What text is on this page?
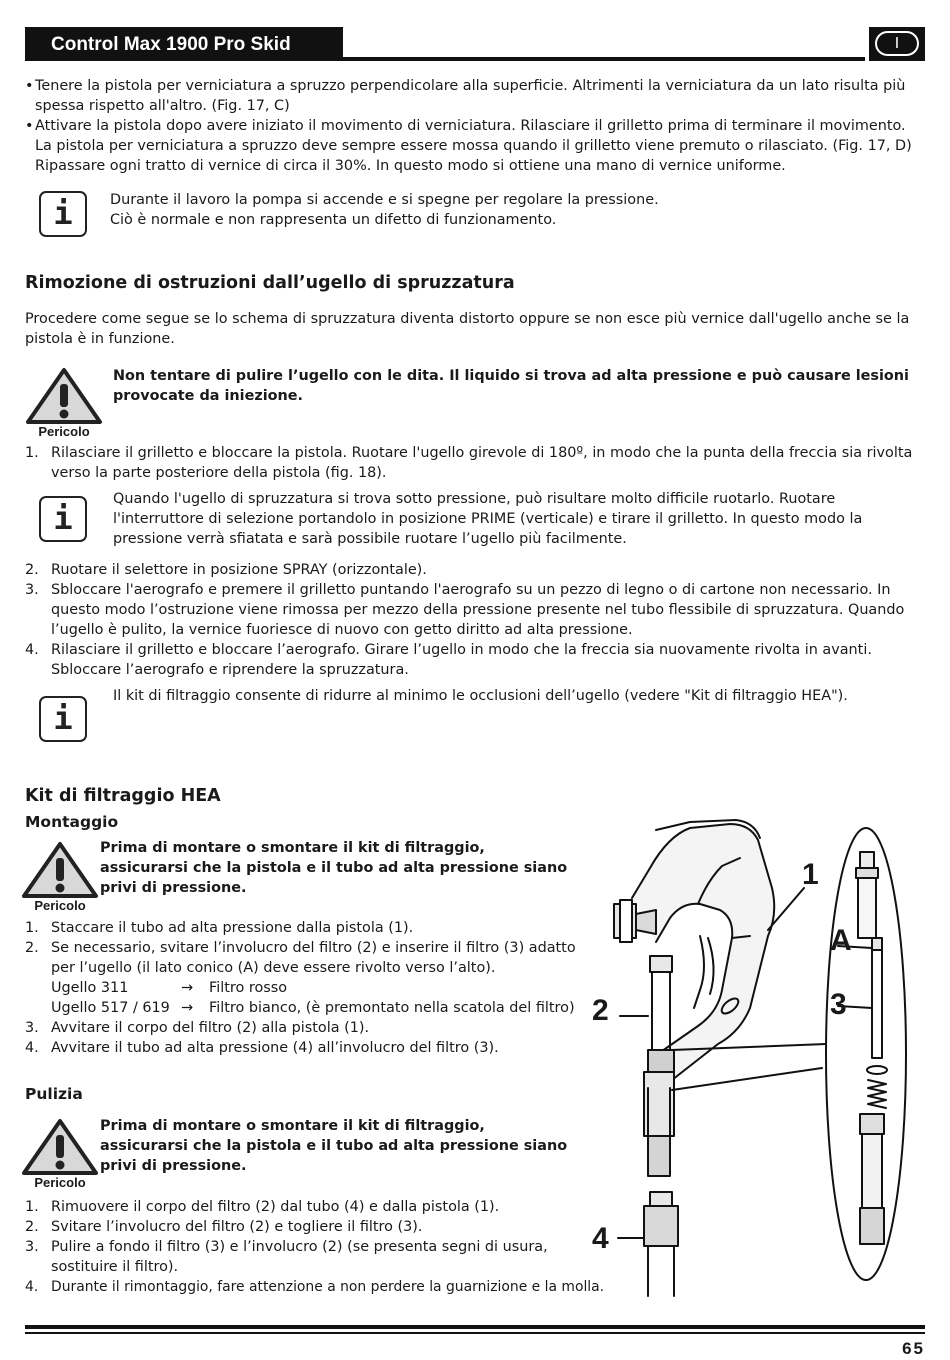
Control Max 1900 Pro Skid	I
• Tenere la pistola per verniciatura a spruzzo perpendicolare alla superficie. Altrimenti la verniciatura da un lato risulta più spessa rispetto all'altro. (Fig. 17, C)
• Attivare la pistola dopo avere iniziato il movimento di verniciatura. Rilasciare il grilletto prima di terminare il movimento. La pistola per verniciatura a spruzzo deve sempre essere mossa quando il grilletto viene premuto o rilasciato. (Fig. 17, D) Ripassare ogni tratto di vernice di circa il 30%. In questo modo si ottiene una mano di vernice uniforme.
i	Durante il lavoro la pompa si accende e si spegne per regolare la pressione.
Ciò è normale e non rappresenta un difetto di funzionamento.
Rimozione di ostruzioni dall’ugello di spruzzatura
Procedere come segue se lo schema di spruzzatura diventa distorto oppure se non esce più vernice dall'ugello anche se la pistola è in funzione.
Pericolo
Non tentare di pulire l’ugello con le dita. Il liquido si trova ad alta pressione e può causare lesioni provocate da iniezione.
1. Rilasciare il grilletto e bloccare la pistola. Ruotare l'ugello girevole di 180º, in modo che la punta della freccia sia rivolta verso la parte posteriore della pistola (fig. 18).
i	Quando l'ugello di spruzzatura si trova sotto pressione, può risultare molto difficile ruotarlo. Ruotare l'interruttore di selezione portandolo in posizione PRIME (verticale) e tirare il grilletto. In questo modo la pressione verrà sfiatata e sarà possibile ruotare l’ugello più facilmente.
2. Ruotare il selettore in posizione SPRAY (orizzontale).
3. Sbloccare l'aerografo e premere il grilletto puntando l'aerografo su un pezzo di legno o di cartone non necessario. In questo modo l’ostruzione viene rimossa per mezzo della pressione presente nel tubo flessibile di spruzzatura. Quando l’ugello è pulito, la vernice fuoriesce di nuovo con getto diritto ad alta pressione.
4. Rilasciare il grilletto e bloccare l’aerografo. Girare l’ugello in modo che la freccia sia nuovamente rivolta in avanti. Sbloccare l’aerografo e riprendere la spruzzatura.
i
Il kit di filtraggio consente di ridurre al minimo le occlusioni dell’ugello (vedere "Kit di filtraggio HEA").
Kit di filtraggio HEA
Montaggio
Pericolo
Prima di montare o smontare il kit di filtraggio, assicurarsi che la pistola e il tubo ad alta pressione siano privi di pressione.
1. Staccare il tubo ad alta pressione dalla pistola (1).
2. Se necessario, svitare l’involucro del filtro (2) e inserire il filtro (3) adatto per l’ugello (il lato conico (A) deve essere rivolto verso l’alto).
Ugello 311	→ Filtro rosso
Ugello 517 / 619 → Filtro bianco, (è premontato nella scatola del filtro)
3. Avvitare il corpo del filtro (2) alla pistola (1).
4. Avvitare il tubo ad alta pressione (4) all’involucro del filtro (3).
Pulizia
Pericolo
Prima di montare o smontare il kit di filtraggio, assicurarsi che la pistola e il tubo ad alta pressione siano privi di pressione.
1. Rimuovere il corpo del filtro (2) dal tubo (4) e dalla pistola (1).
2. Svitare l’involucro del filtro (2) e togliere il filtro (3).
3. Pulire a fondo il filtro (3) e l’involucro (2) (se presenta segni di usura, sostituire il filtro).
4. Durante il rimontaggio, fare attenzione a non perdere la guarnizione e la molla.
1
A
3
2
4
65
